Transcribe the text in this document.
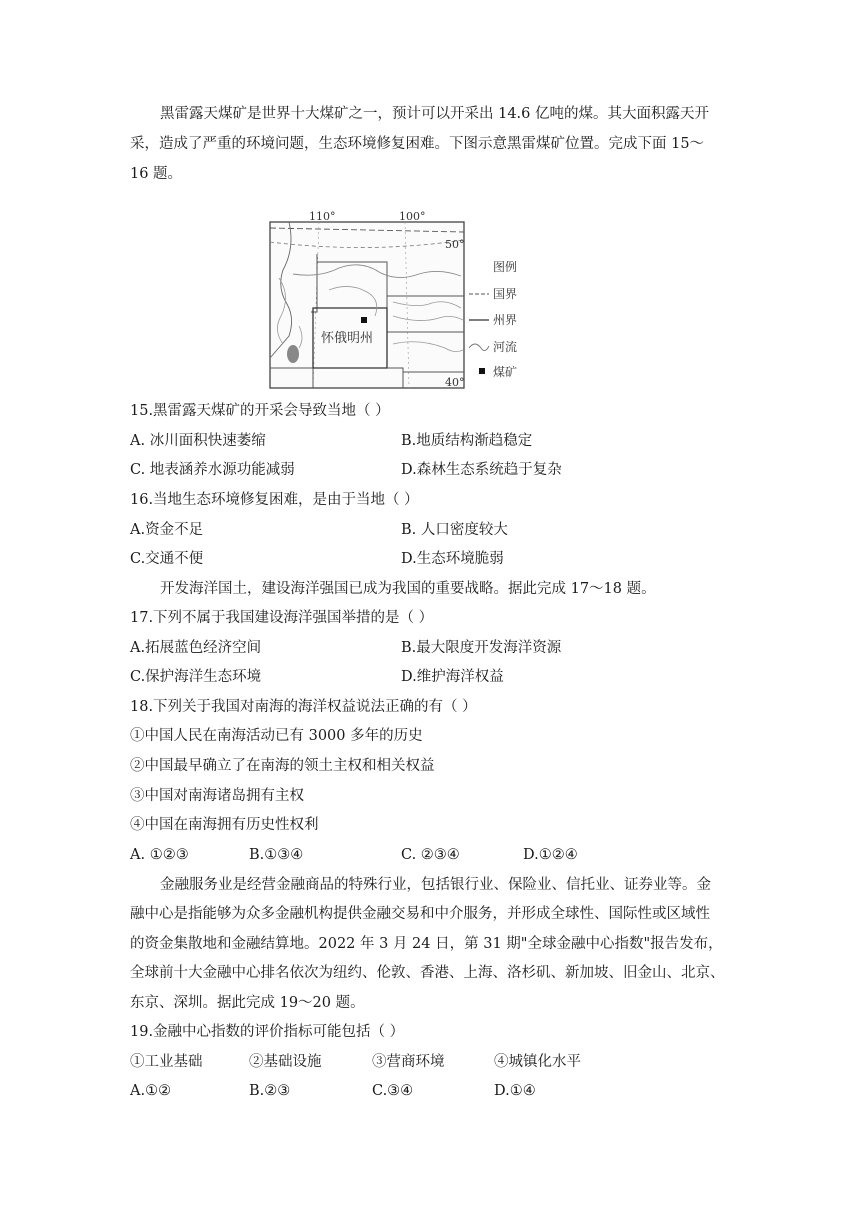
黑雷露天煤矿是世界十大煤矿之一，预计可以开采出 14.6 亿吨的煤。其大面积露天开
采，造成了严重的环境问题，生态环境修复困难。下图示意黑雷煤矿位置。完成下面 15～
16 题。
怀俄明州
110°	100°
50°
40°
图例
国界
州界
河流
煤矿
15.黑雷露天煤矿的开采会导致当地（ ）
A. 冰川面积快速萎缩	B.地质结构渐趋稳定
C. 地表涵养水源功能减弱	D.森林生态系统趋于复杂
16.当地生态环境修复困难，是由于当地（ ）
A.资金不足	B. 人口密度较大
C.交通不便	D.生态环境脆弱
开发海洋国土，建设海洋强国已成为我国的重要战略。据此完成 17～18 题。
17.下列不属于我国建设海洋强国举措的是（ ）
A.拓展蓝色经济空间	B.最大限度开发海洋资源
C.保护海洋生态环境	D.维护海洋权益
18.下列关于我国对南海的海洋权益说法正确的有（ ）
①中国人民在南海活动已有 3000 多年的历史
②中国最早确立了在南海的领土主权和相关权益
③中国对南海诸岛拥有主权
④中国在南海拥有历史性权利
A. ①②③	B.①③④	C. ②③④	D.①②④
金融服务业是经营金融商品的特殊行业，包括银行业、保险业、信托业、证券业等。金
融中心是指能够为众多金融机构提供金融交易和中介服务，并形成全球性、国际性或区域性
的资金集散地和金融结算地。2022 年 3 月 24 日，第 31 期"全球金融中心指数"报告发布，
全球前十大金融中心排名依次为纽约、伦敦、香港、上海、洛杉矶、新加坡、旧金山、北京、
东京、深圳。据此完成 19～20 题。
19.金融中心指数的评价指标可能包括（ ）
①工业基础	②基础设施	③营商环境	④城镇化水平
A.①②	B.②③	C.③④	D.①④
